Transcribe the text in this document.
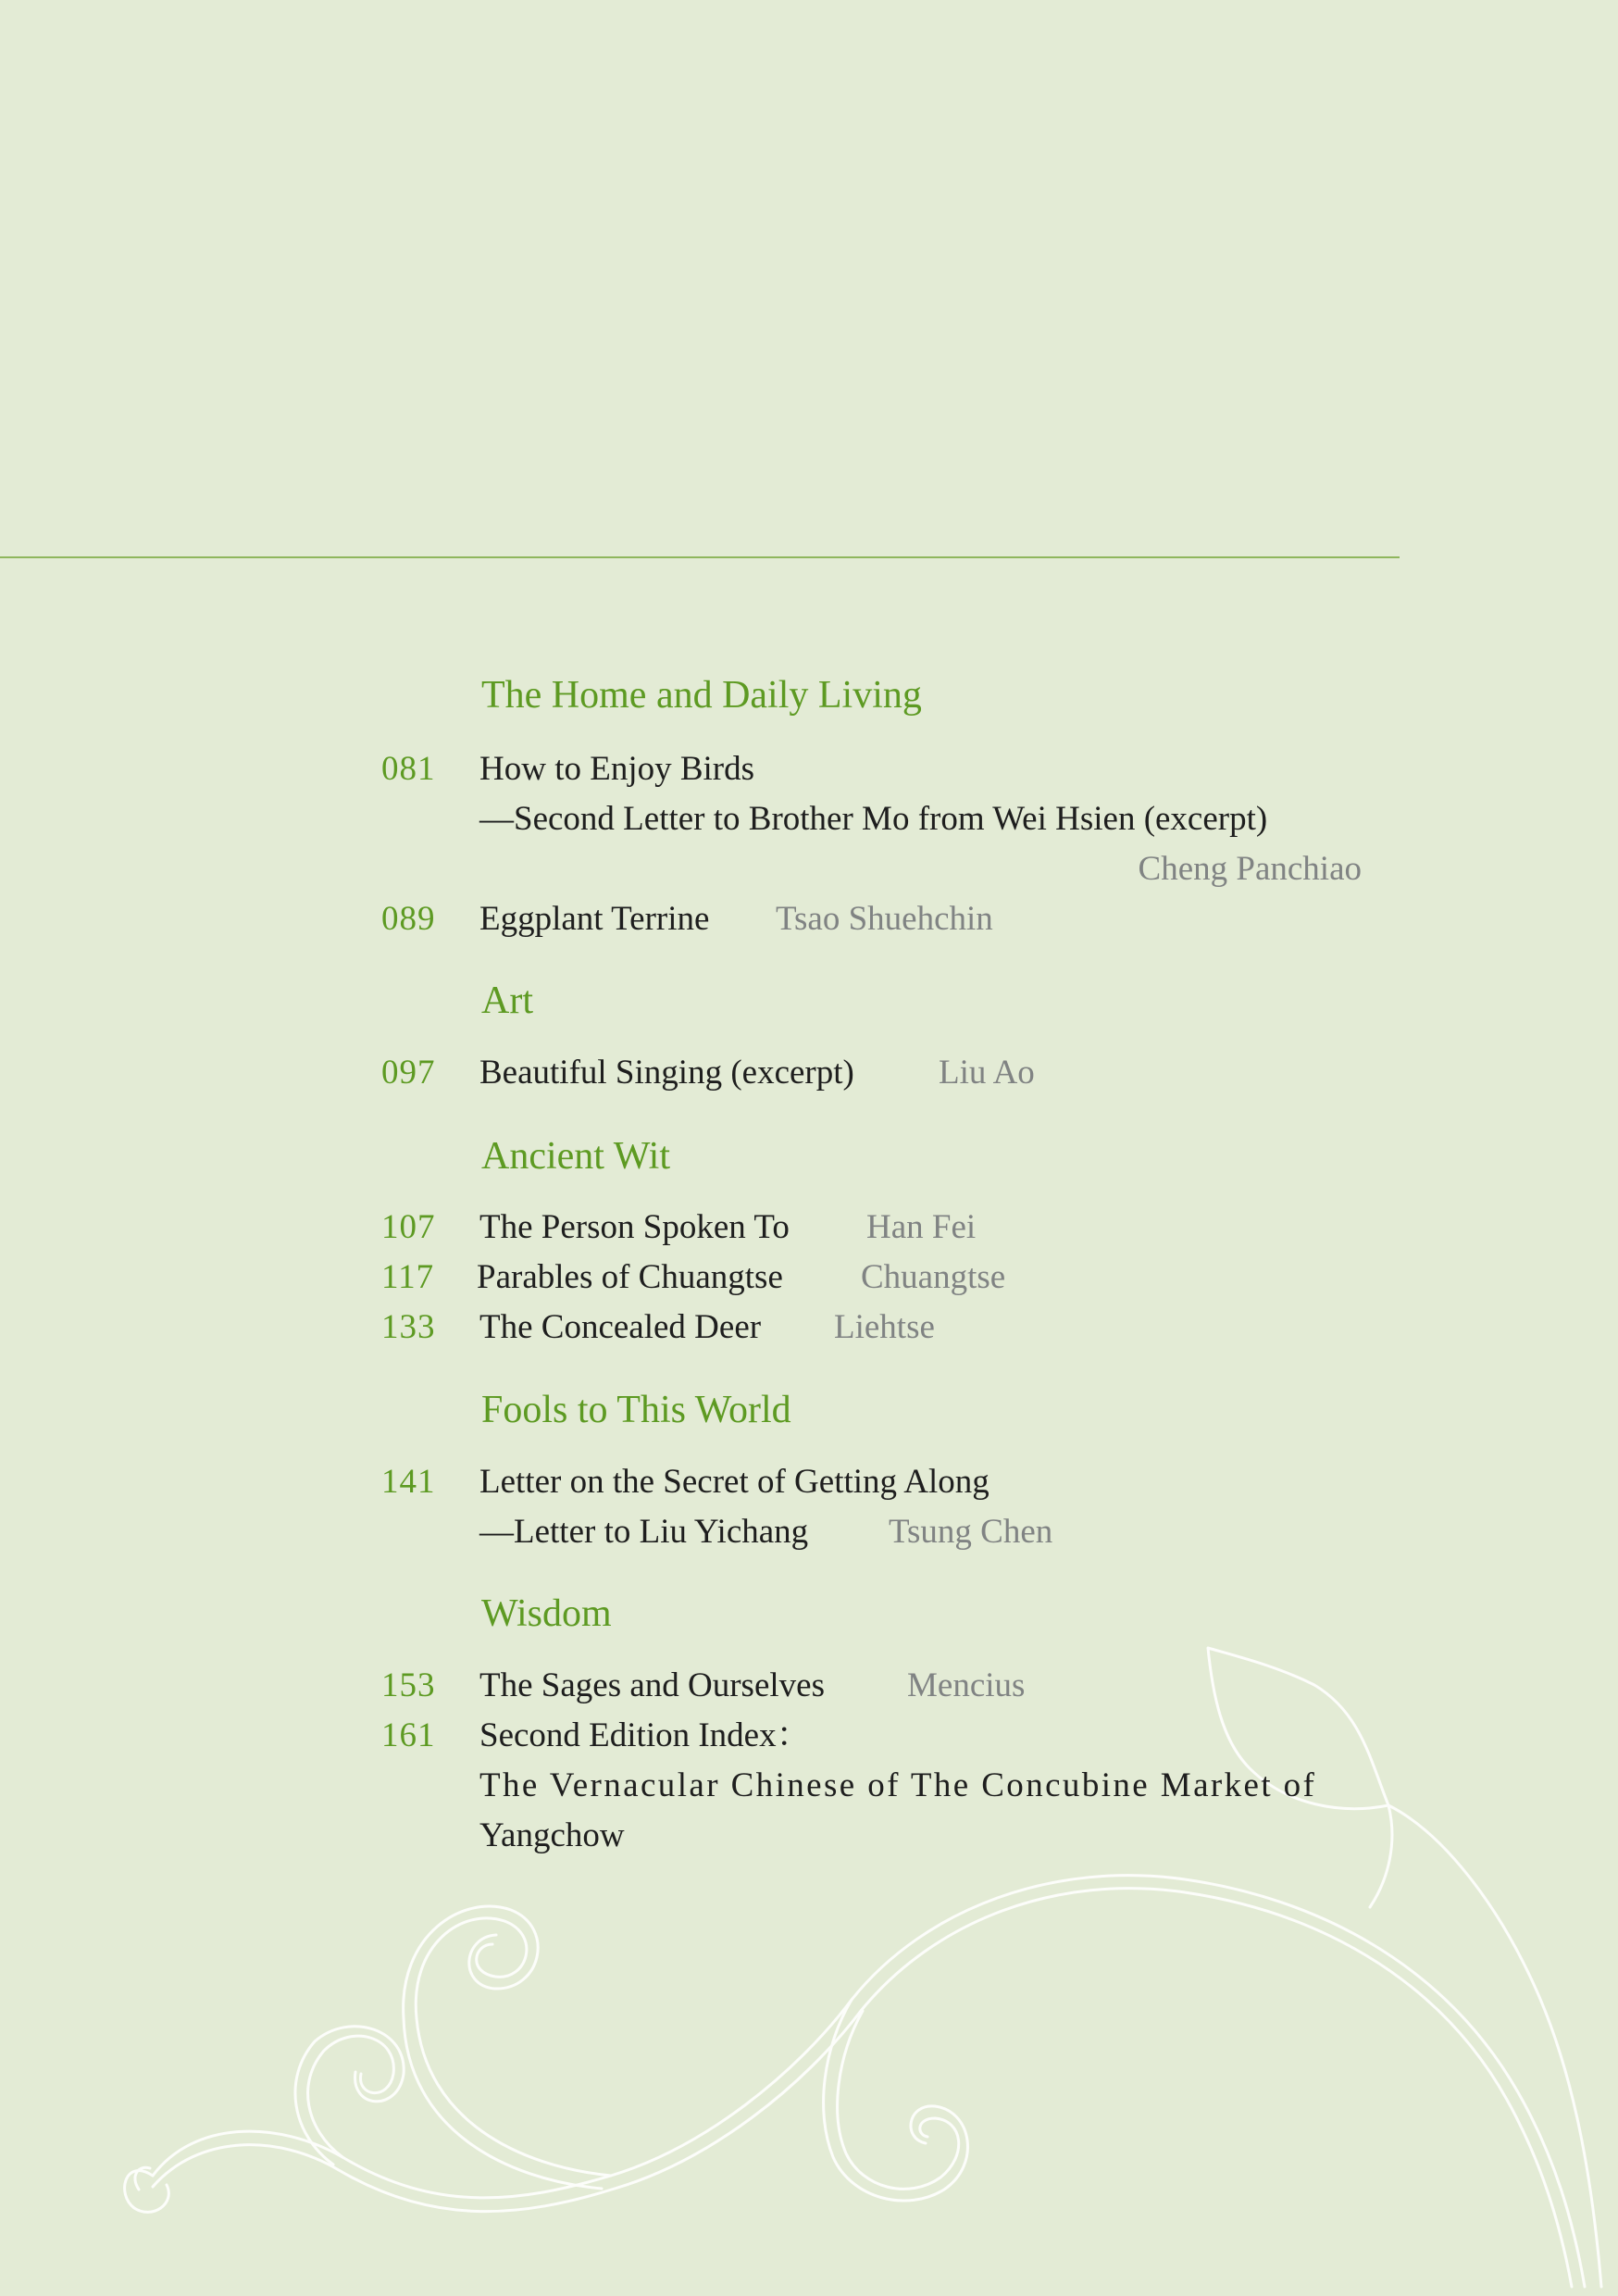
The Home and Daily Living
081 How to Enjoy Birds
—Second Letter to Brother Mo from Wei Hsien (excerpt)
Cheng Panchiao
089 Eggplant Terrine Tsao Shuehchin
Art
097 Beautiful Singing (excerpt) Liu Ao
Ancient Wit
107 The Person Spoken To Han Fei
117 Parables of Chuangtse Chuangtse
133 The Concealed Deer Liehtse
Fools to This World
141 Letter on the Secret of Getting Along
—Letter to Liu Yichang Tsung Chen
Wisdom
153 The Sages and Ourselves Mencius
161 Second Edition Index：
The Vernacular Chinese of The Concubine Market of
Yangchow
